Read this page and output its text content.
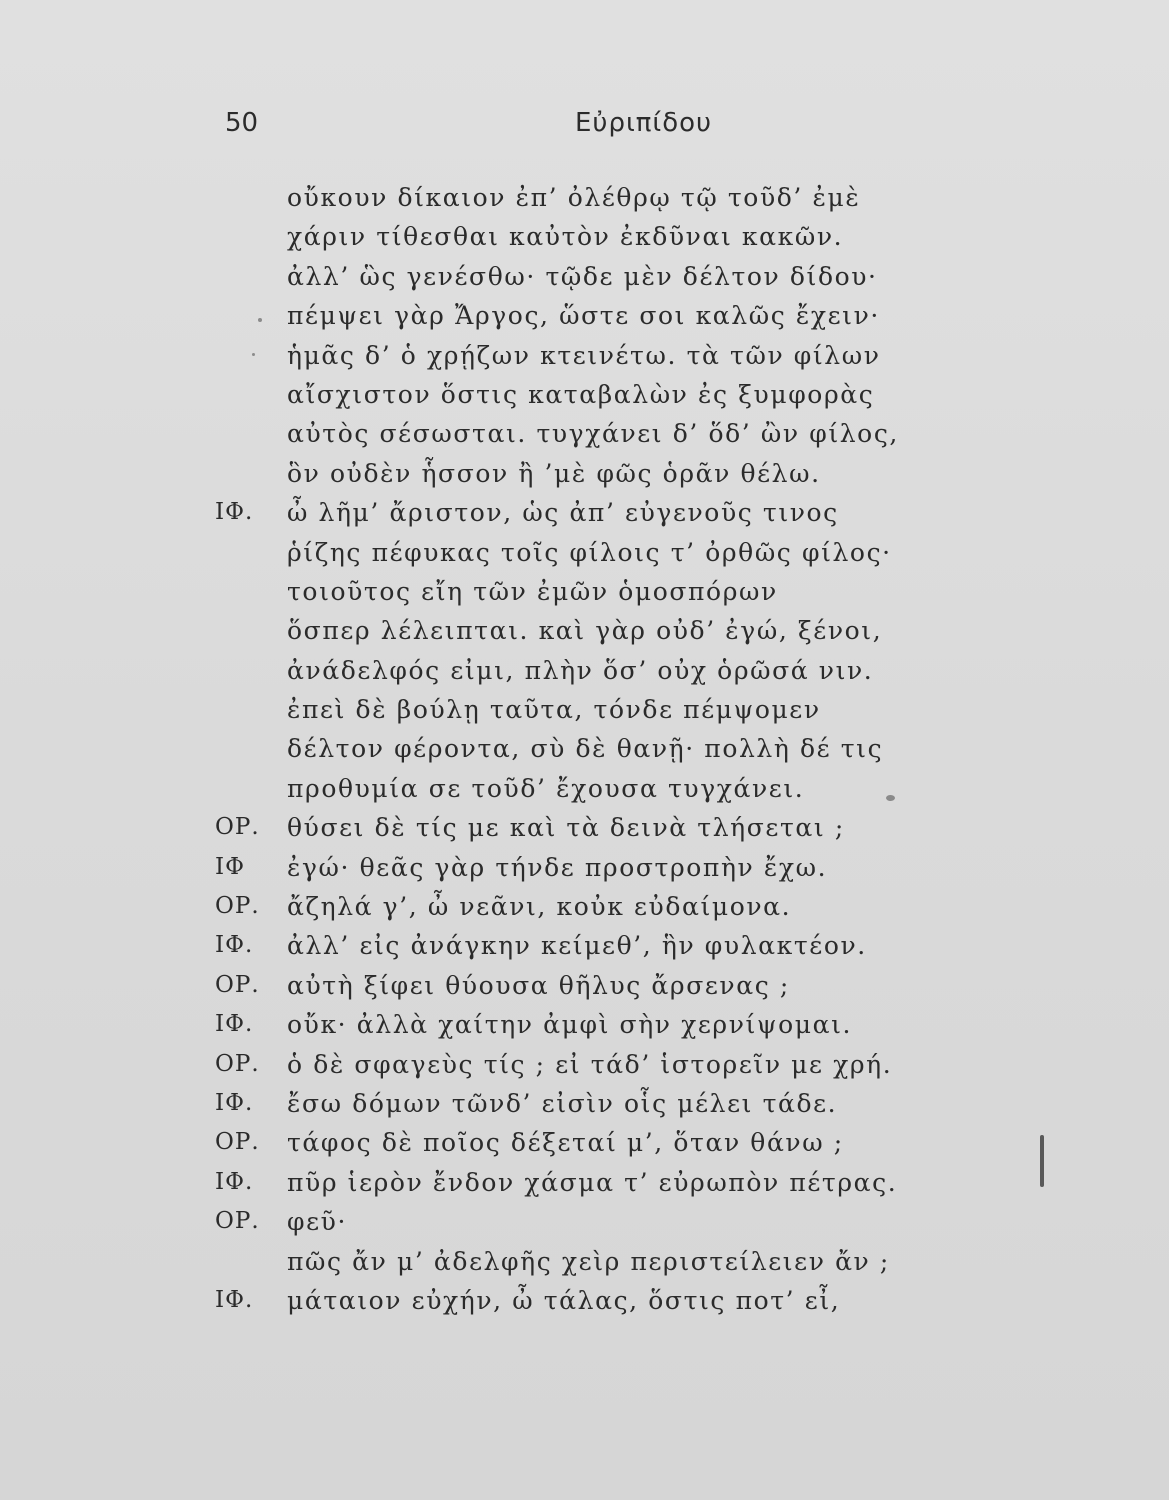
50	Εὐριπίδου
οὔκουν δίκαιον ἐπ’ ὀλέθρῳ τῷ τοῦδ’ ἐμὲ
χάριν τίθεσθαι καὐτὸν ἐκδῦναι κακῶν.
ἀλλ’ ὣς γενέσθω· τῷδε μὲν δέλτον δίδου·
πέμψει γὰρ Ἄργος, ὥστε σοι καλῶς ἔχειν·
ἡμᾶς δ’ ὁ χρῄζων κτεινέτω. τὰ τῶν φίλων
αἴσχιστον ὅστις καταβαλὼν ἐς ξυμφορὰς
αὐτὸς σέσωσται. τυγχάνει δ’ ὅδ’ ὢν φίλος,
ὃν οὐδὲν ἧσσον ἢ ’μὲ φῶς ὁρᾶν θέλω.
ΙΦ.	ὦ λῆμ’ ἄριστον, ὡς ἀπ’ εὐγενοῦς τινος
ῥίζης πέφυκας τοῖς φίλοις τ’ ὀρθῶς φίλος·
τοιοῦτος εἴη τῶν ἐμῶν ὁμοσπόρων
ὅσπερ λέλειπται. καὶ γὰρ οὐδ’ ἐγώ, ξένοι,
ἀνάδελφός εἰμι, πλὴν ὅσ’ οὐχ ὁρῶσά νιν.
ἐπεὶ δὲ βούλῃ ταῦτα, τόνδε πέμψομεν
δέλτον φέροντα, σὺ δὲ θανῇ· πολλὴ δέ τις
προθυμία σε τοῦδ’ ἔχουσα τυγχάνει.
ΟΡ.	θύσει δὲ τίς με καὶ τὰ δεινὰ τλήσεται ;
ΙΦ	ἐγώ· θεᾶς γὰρ τήνδε προστροπὴν ἔχω.
ΟΡ.	ἄζηλά γ’, ὦ νεᾶνι, κοὐκ εὐδαίμονα.
ΙΦ.	ἀλλ’ εἰς ἀνάγκην κείμεθ’, ἣν φυλακτέον.
ΟΡ.	αὐτὴ ξίφει θύουσα θῆλυς ἄρσενας ;
ΙΦ.	οὔκ· ἀλλὰ χαίτην ἀμφὶ σὴν χερνίψομαι.
ΟΡ.	ὁ δὲ σφαγεὺς τίς ; εἰ τάδ’ ἱστορεῖν με χρή.
ΙΦ.	ἔσω δόμων τῶνδ’ εἰσὶν οἷς μέλει τάδε.
ΟΡ.	τάφος δὲ ποῖος δέξεταί μ’, ὅταν θάνω ;
ΙΦ.	πῦρ ἱερὸν ἔνδον χάσμα τ’ εὐρωπὸν πέτρας.
ΟΡ.	φεῦ·
πῶς ἄν μ’ ἀδελφῆς χεὶρ περιστείλειεν ἄν ;
ΙΦ.	μάταιον εὐχήν, ὦ τάλας, ὅστις ποτ’ εἶ,
